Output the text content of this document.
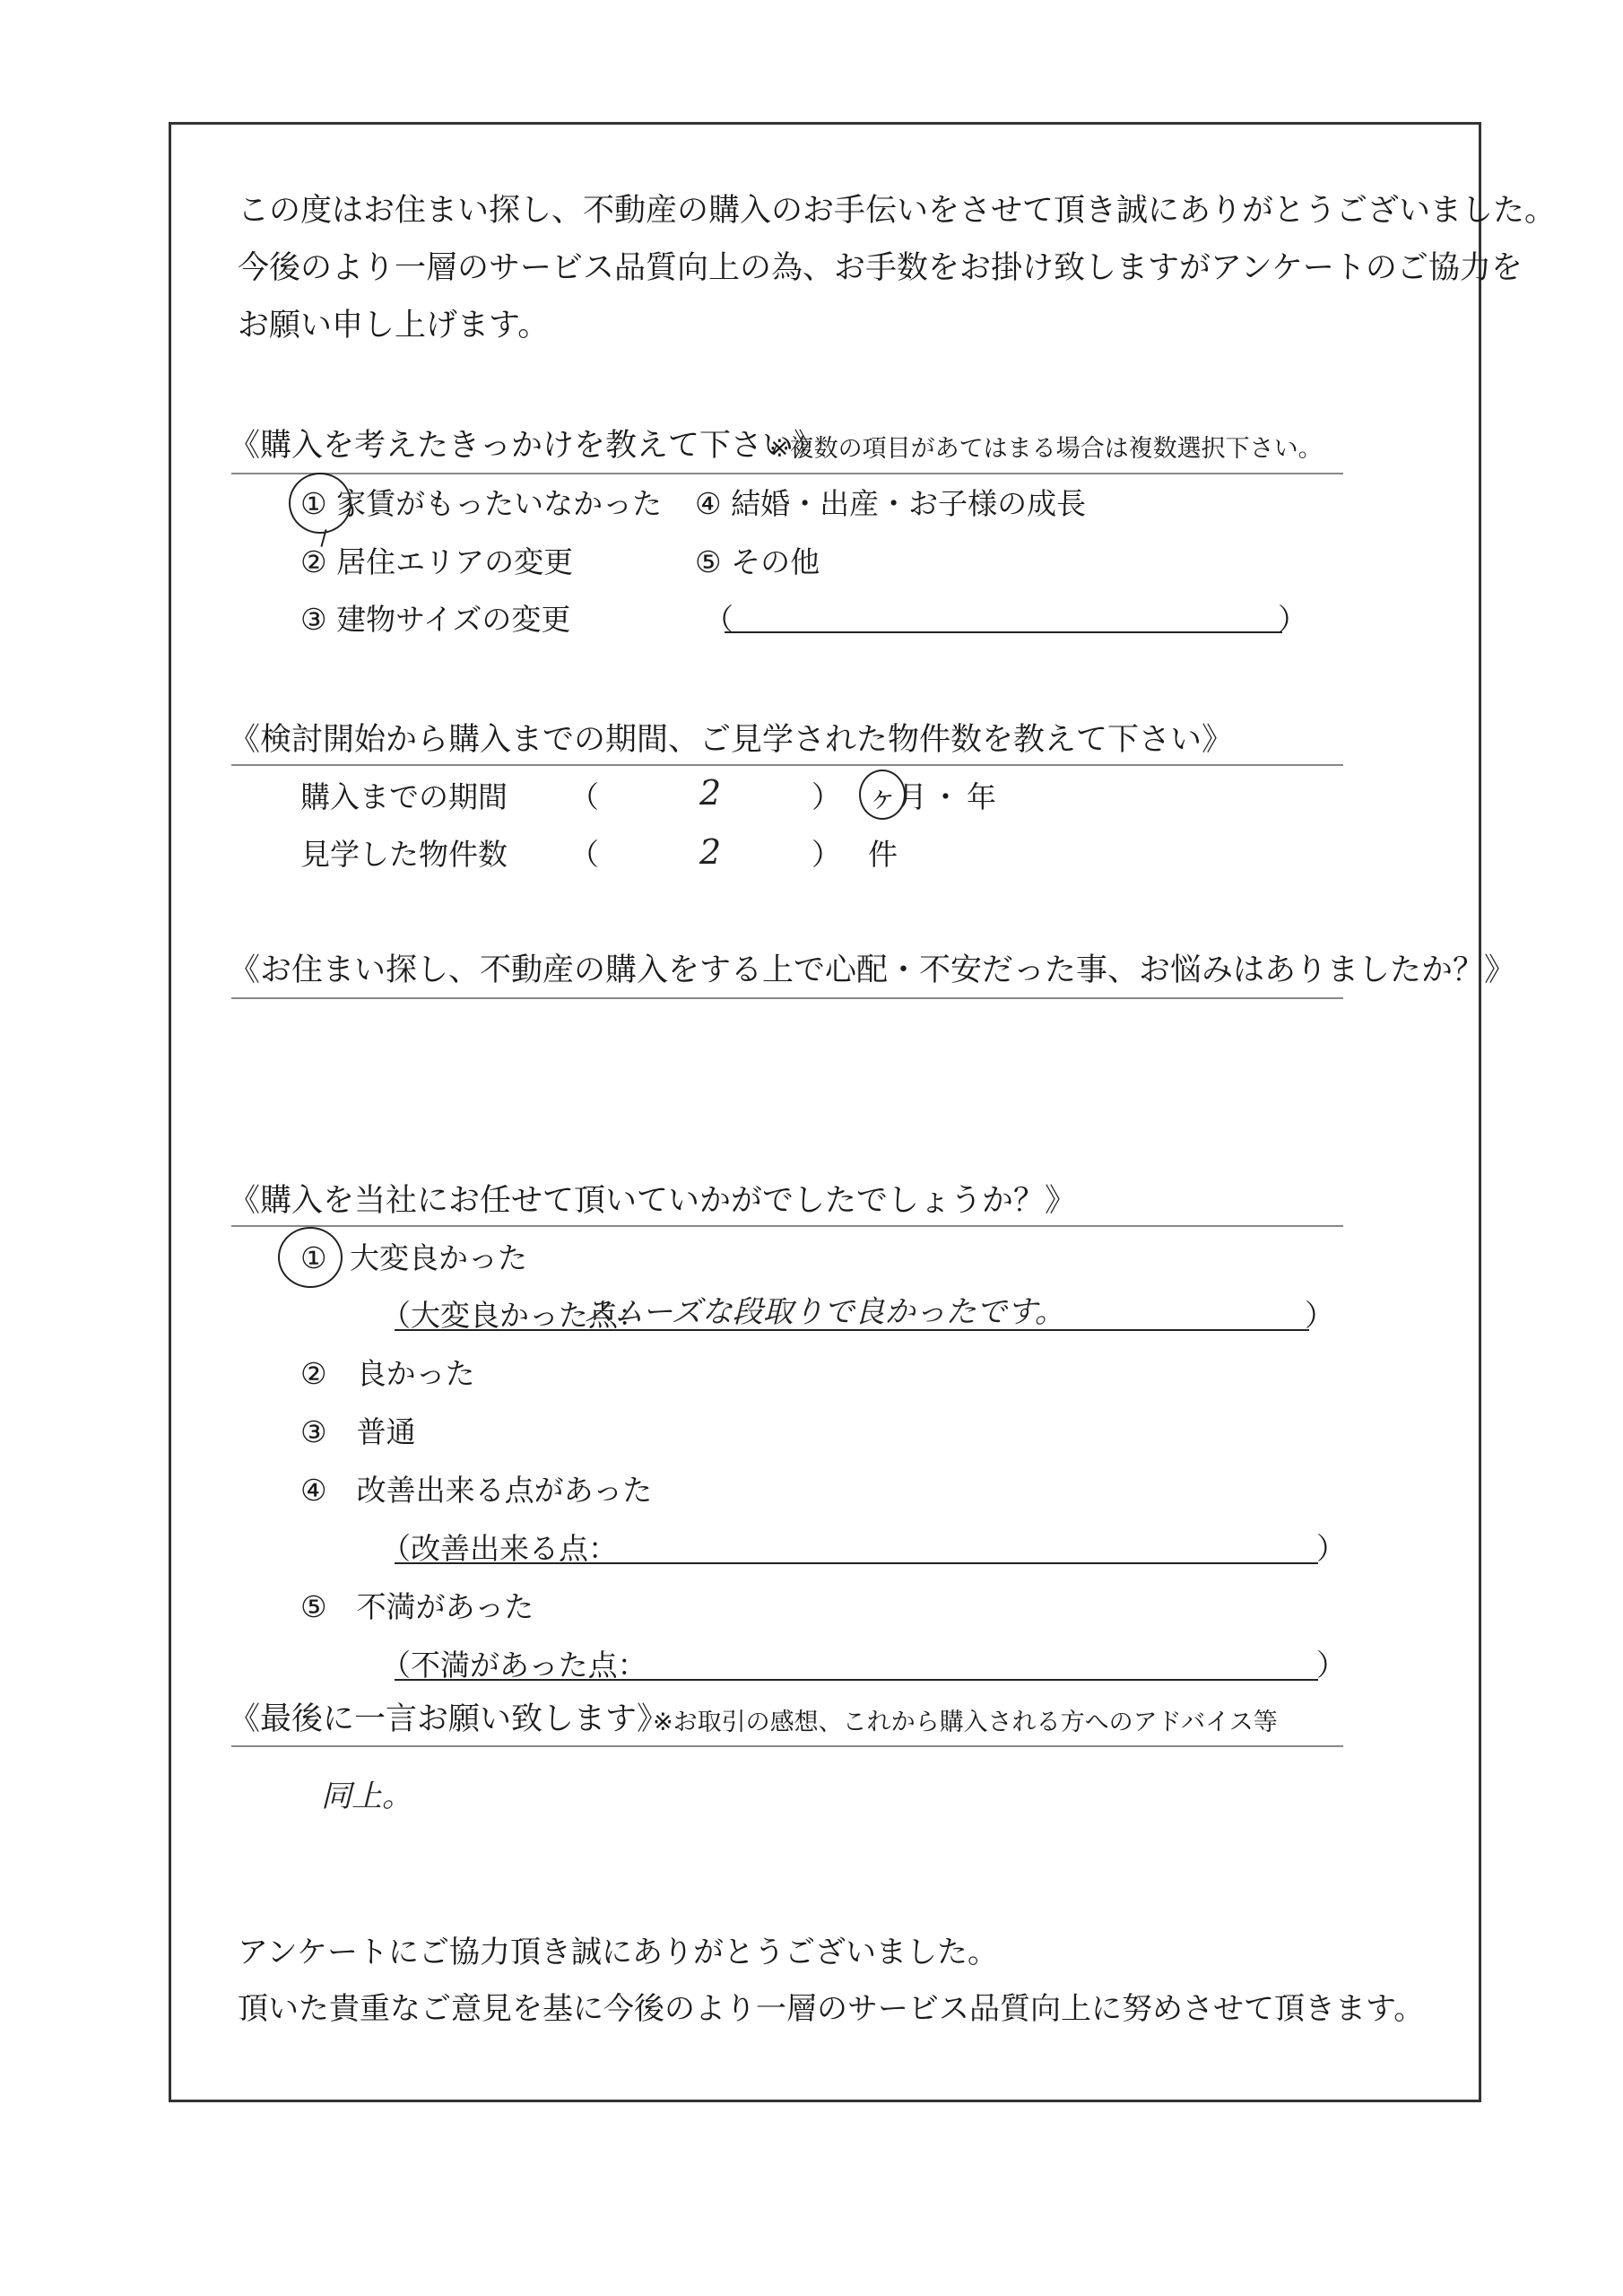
この度はお住まい探し、不動産の購入のお手伝いをさせて頂き誠にありがとうございました。
今後のより一層のサービス品質向上の為、お手数をお掛け致しますがアンケートのご協力を
お願い申し上げます。
《購入を考えたきっかけを教えて下さい》
※複数の項目があてはまる場合は複数選択下さい。
① 家賃がもったいなかった
② 居住エリアの変更
③ 建物サイズの変更
④ 結婚・出産・お子様の成長
⑤ その他
（	）
《検討開始から購入までの期間、ご見学された物件数を教えて下さい》
購入までの期間 （	2	） ヶ月 ・ 年
見学した物件数 （	2	） 件
《お住まい探し、不動産の購入をする上で心配・不安だった事、お悩みはありましたか？》
《購入を当社にお任せて頂いていかがでしたでしょうか？》
① 大変良かった
（大変良かった点：
スムーズな段取りで良かったです。	）
②　良かった
③　普通
④　改善出来る点があった
（改善出来る点：	）
⑤　不満があった
（不満があった点：	）
《最後に一言お願い致します》
※お取引の感想、これから購入される方へのアドバイス等
同上。
アンケートにご協力頂き誠にありがとうございました。
頂いた貴重なご意見を基に今後のより一層のサービス品質向上に努めさせて頂きます。
